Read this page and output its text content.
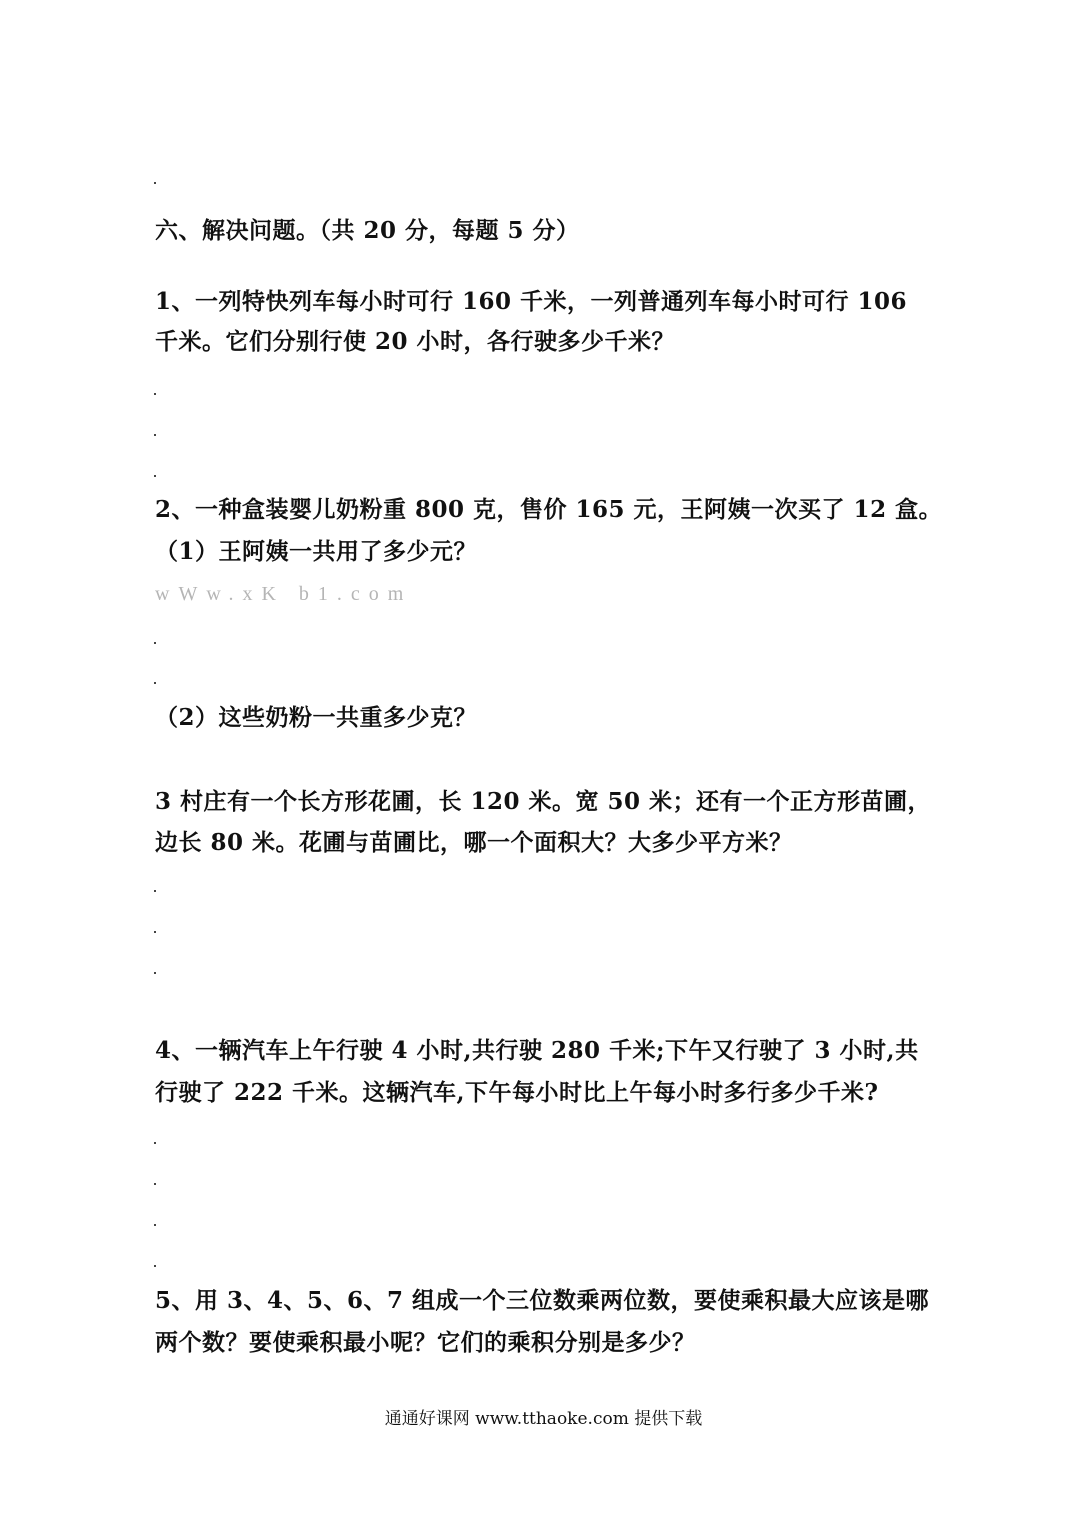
六、解决问题。（共 20 分，每题 5 分）
1、一列特快列车每小时可行 160 千米，一列普通列车每小时可行 106
千米。它们分别行使 20 小时，各行驶多少千米？
2、一种盒装婴儿奶粉重 800 克，售价 165 元，王阿姨一次买了 12 盒。
（1）王阿姨一共用了多少元？
wWw.xK b1.com
（2）这些奶粉一共重多少克？
3 村庄有一个长方形花圃，长 120 米。宽 50 米；还有一个正方形苗圃，
边长 80 米。花圃与苗圃比，哪一个面积大？大多少平方米？
4、一辆汽车上午行驶 4 小时,共行驶 280 千米;下午又行驶了 3 小时,共
行驶了 222 千米。这辆汽车,下午每小时比上午每小时多行多少千米?
5、用 3、4、5、6、7 组成一个三位数乘两位数，要使乘积最大应该是哪
两个数？要使乘积最小呢？它们的乘积分别是多少？
通通好课网 www.tthaoke.com 提供下载
